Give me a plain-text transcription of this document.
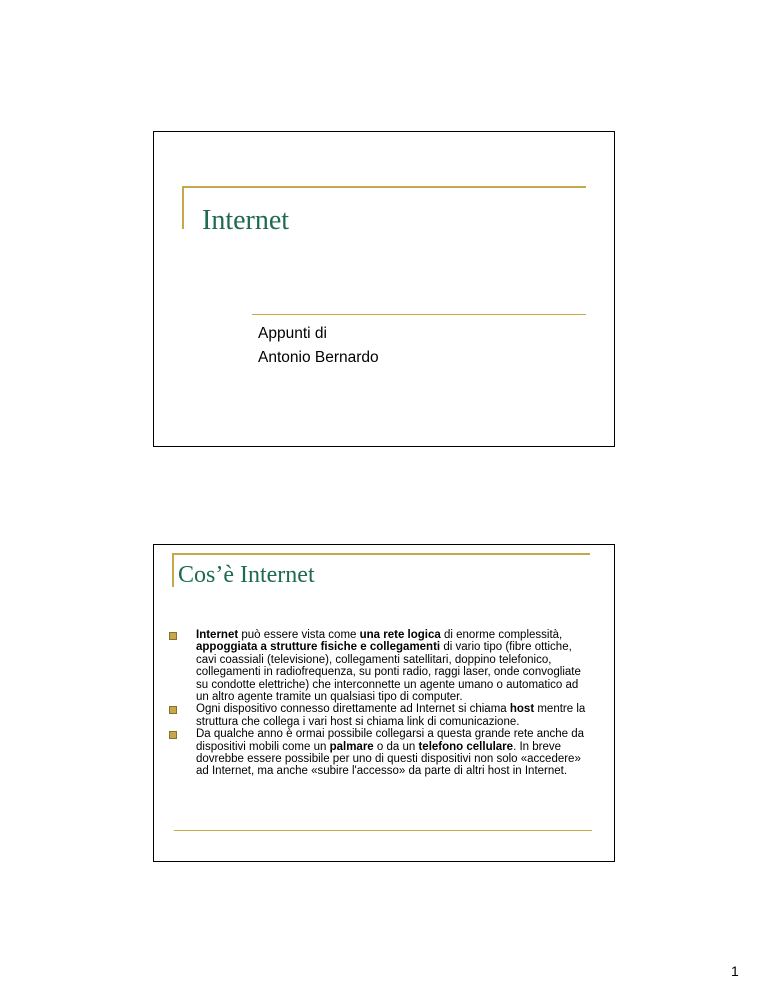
Internet
Appunti di
Antonio Bernardo
Cos’è Internet
Internet può essere vista come una rete logica di enorme complessità, appoggiata a strutture fisiche e collegamenti di vario tipo (fibre ottiche, cavi coassiali (televisione), collegamenti satellitari, doppino telefonico, collegamenti in radiofrequenza, su ponti radio, raggi laser, onde convogliate su condotte elettriche) che interconnette un agente umano o automatico ad un altro agente tramite un qualsiasi tipo di computer.
Ogni dispositivo connesso direttamente ad Internet si chiama host mentre la struttura che collega i vari host si chiama link di comunicazione.
Da qualche anno è ormai possibile collegarsi a questa grande rete anche da dispositivi mobili come un palmare o da un telefono cellulare. In breve dovrebbe essere possibile per uno di questi dispositivi non solo «accedere» ad Internet, ma anche «subire l'accesso» da parte di altri host in Internet.
1
